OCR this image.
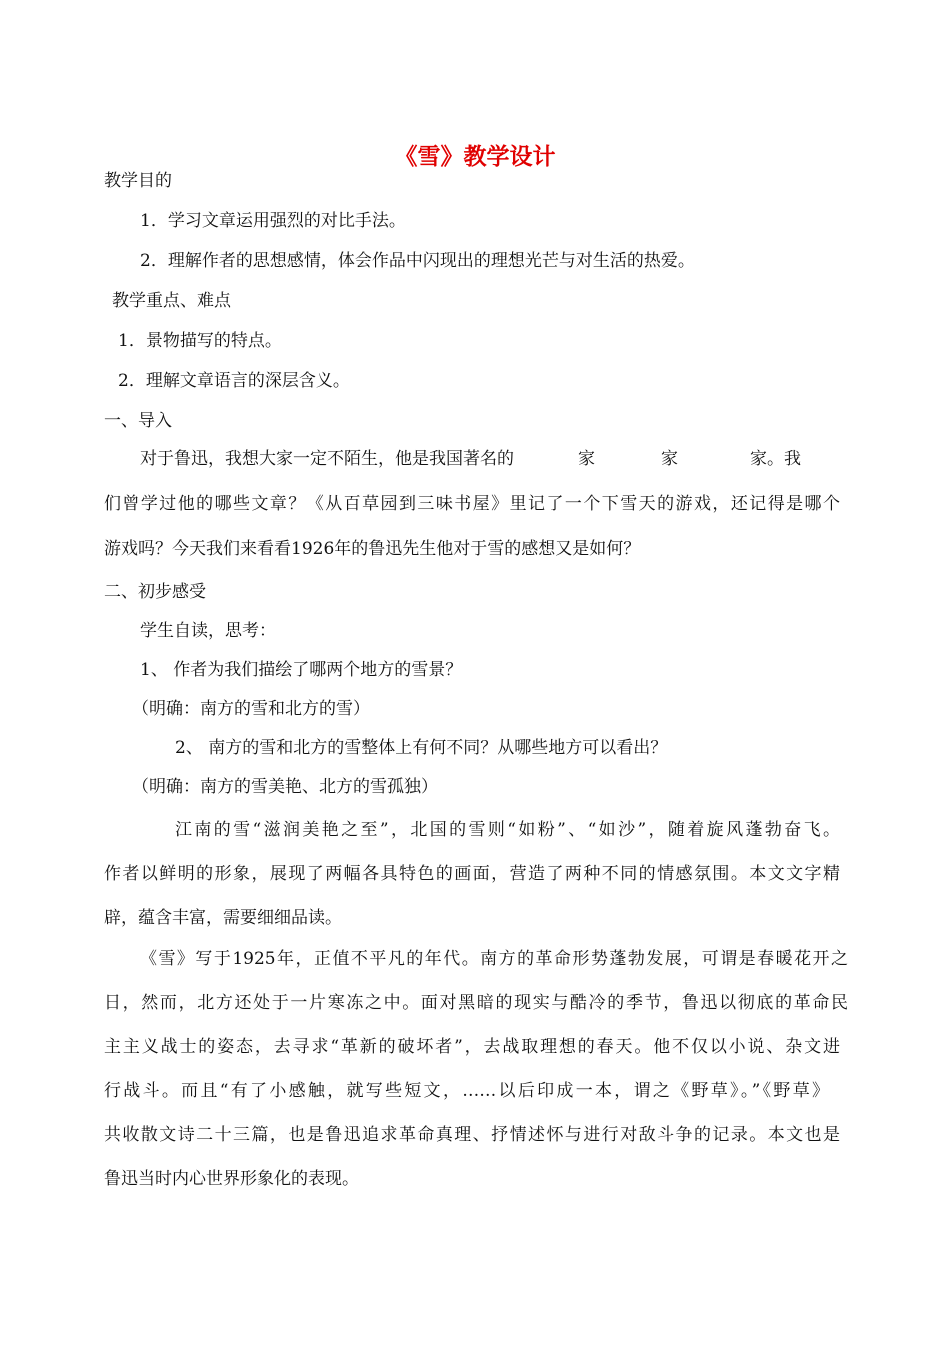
《雪》教学设计

教学目的

1．学习文章运用强烈的对比手法。

2．理解作者的思想感情，体会作品中闪现出的理想光芒与对生活的热爱。

教学重点、难点

1．景物描写的特点。

2．理解文章语言的深层含义。

一、导入

对于鲁迅，我想大家一定不陌生，他是我国著名的	家	家	家。我

们曾学过他的哪些文章？《从百草园到三味书屋》里记了一个下雪天的游戏，还记得是哪个

游戏吗？今天我们来看看1926年的鲁迅先生他对于雪的感想又是如何？

二、初步感受

学生自读，思考：

1、 作者为我们描绘了哪两个地方的雪景？

（明确：南方的雪和北方的雪）

2、 南方的雪和北方的雪整体上有何不同？从哪些地方可以看出？

（明确：南方的雪美艳、北方的雪孤独）

江南的雪“滋润美艳之至”，北国的雪则“如粉”、“如沙”，随着旋风蓬勃奋飞。

作者以鲜明的形象，展现了两幅各具特色的画面，营造了两种不同的情感氛围。本文文字精

辟，蕴含丰富，需要细细品读。

《雪》写于1925年，正值不平凡的年代。南方的革命形势蓬勃发展，可谓是春暖花开之

日，然而，北方还处于一片寒冻之中。面对黑暗的现实与酷冷的季节，鲁迅以彻底的革命民

主主义战士的姿态，去寻求“革新的破坏者”，去战取理想的春天。他不仅以小说、杂文进

行战斗。而且“有了小感触，就写些短文，……以后印成一本，谓之《野草》。”《野草》

共收散文诗二十三篇，也是鲁迅追求革命真理、抒情述怀与进行对敌斗争的记录。本文也是

鲁迅当时内心世界形象化的表现。
